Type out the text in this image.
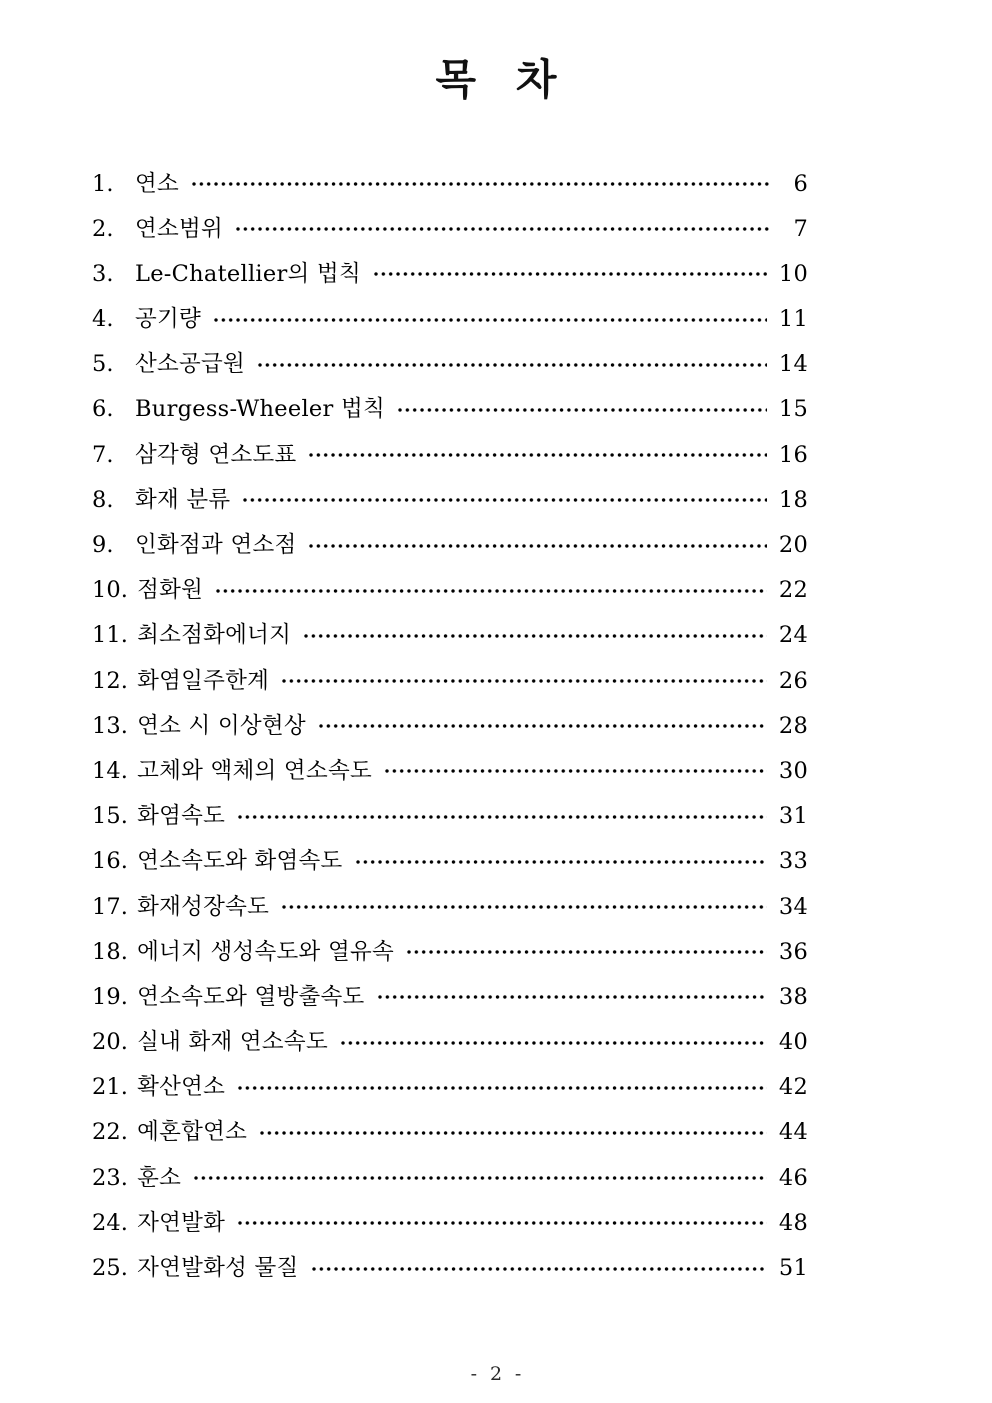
목 차
1. 연소	6
2. 연소범위	7
3. Le-Chatellier의 법칙	10
4. 공기량	11
5. 산소공급원	14
6. Burgess-Wheeler 법칙	15
7. 삼각형 연소도표	16
8. 화재 분류	18
9. 인화점과 연소점	20
10. 점화원	22
11. 최소점화에너지	24
12. 화염일주한계	26
13. 연소 시 이상현상	28
14. 고체와 액체의 연소속도	30
15. 화염속도	31
16. 연소속도와 화염속도	33
17. 화재성장속도	34
18. 에너지 생성속도와 열유속	36
19. 연소속도와 열방출속도	38
20. 실내 화재 연소속도	40
21. 확산연소	42
22. 예혼합연소	44
23. 훈소	46
24. 자연발화	48
25. 자연발화성 물질	51
- 2 -
